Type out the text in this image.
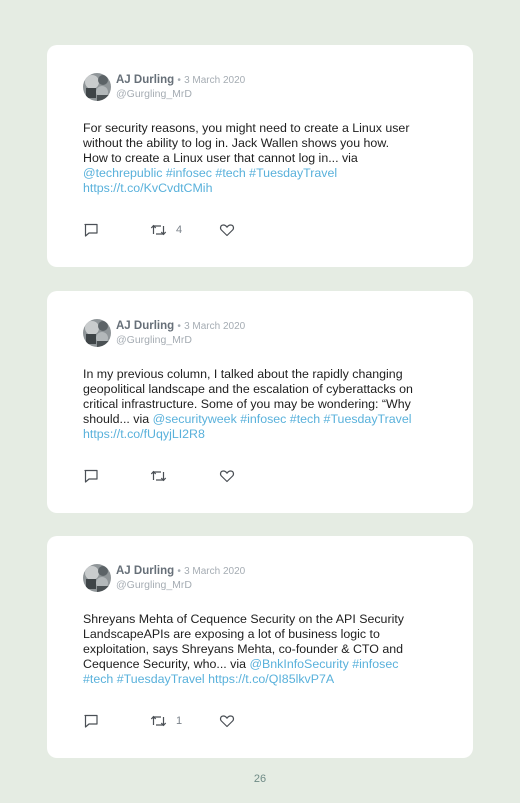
AJ Durling • 3 March 2020
@Gurgling_MrD
For security reasons, you might need to create a Linux user
without the ability to log in. Jack Wallen shows you how.
How to create a Linux user that cannot log in... via
@techrepublic #infosec #tech #TuesdayTravel
https://t.co/KvCvdtCMih
4
AJ Durling • 3 March 2020
@Gurgling_MrD
In my previous column, I talked about the rapidly changing
geopolitical landscape and the escalation of cyberattacks on
critical infrastructure. Some of you may be wondering: “Why
should... via @securityweek #infosec #tech #TuesdayTravel
https://t.co/fUqyjLI2R8
AJ Durling • 3 March 2020
@Gurgling_MrD
Shreyans Mehta of Cequence Security on the API Security
LandscapeAPIs are exposing a lot of business logic to
exploitation, says Shreyans Mehta, co-founder & CTO and
Cequence Security, who... via @BnkInfoSecurity #infosec
#tech #TuesdayTravel https://t.co/QI85lkvP7A
1
26
